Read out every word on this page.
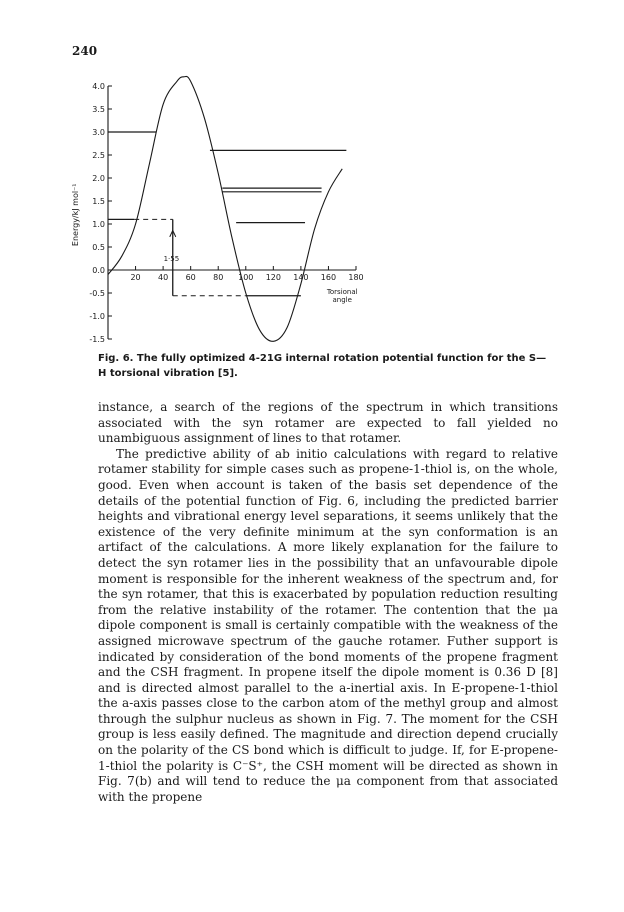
240
4.0
3.5
3.0
2.5
2.0
1.5
1.0
0.5
0.0
-0.5
-1.0
-1.5
20 40 60 80 100 120 140 160 180
1·55
Energy/kJ mol⁻¹
Torsional angle
Fig. 6. The fully optimized 4-21G internal rotation potential function for the S—H torsional vibration [5].

instance, a search of the regions of the spectrum in which transitions associated with the syn rotamer are expected to fall yielded no unambiguous assignment of lines to that rotamer.

The predictive ability of ab initio calculations with regard to relative rotamer stability for simple cases such as propene-1-thiol is, on the whole, good. Even when account is taken of the basis set dependence of the details of the potential function of Fig. 6, including the predicted barrier heights and vibrational energy level separations, it seems unlikely that the existence of the very definite minimum at the syn conformation is an artifact of the calculations. A more likely explanation for the failure to detect the syn rotamer lies in the possibility that an unfavourable dipole moment is responsible for the inherent weakness of the spectrum and, for the syn rotamer, that this is exacerbated by population reduction resulting from the relative instability of the rotamer. The contention that the μa dipole component is small is certainly compatible with the weakness of the assigned microwave spectrum of the gauche rotamer. Futher support is indicated by consideration of the bond moments of the propene fragment and the CSH fragment. In propene itself the dipole moment is 0.36 D [8] and is directed almost parallel to the a-inertial axis. In E-propene-1-thiol the a-axis passes close to the carbon atom of the methyl group and almost through the sulphur nucleus as shown in Fig. 7. The moment for the CSH group is less easily defined. The magnitude and direction depend crucially on the polarity of the CS bond which is difficult to judge. If, for E-propene-1-thiol the polarity is C⁻S⁺, the CSH moment will be directed as shown in Fig. 7(b) and will tend to reduce the μa component from that associated with the propene
